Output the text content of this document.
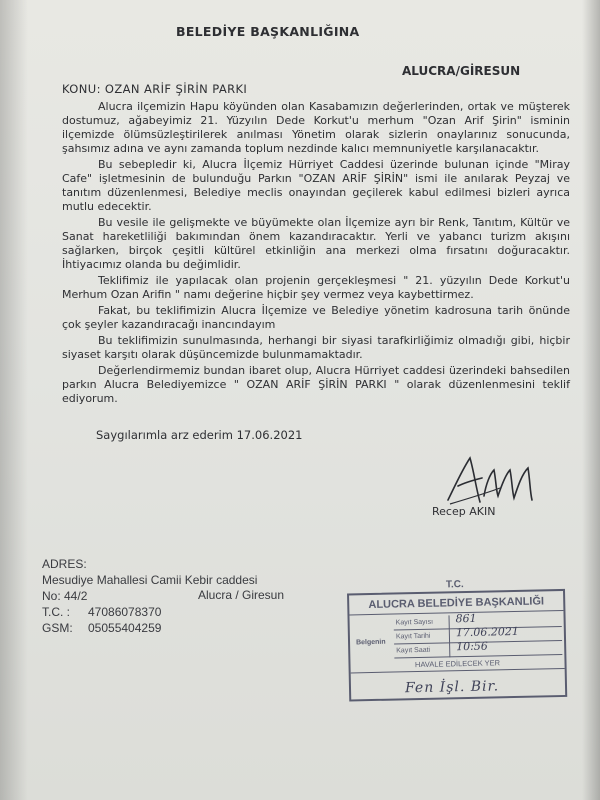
BELEDİYE BAŞKANLIĞINA
ALUCRA/GİRESUN
KONU: OZAN ARİF ŞİRİN PARKI

Alucra ilçemizin Hapu köyünden olan Kasabamızın değerlerinden, ortak ve müşterek dostumuz, ağabeyimiz 21. Yüzyılın Dede Korkut'u merhum "Ozan Arif Şirin" isminin ilçemizde ölümsüzleştirilerek anılması Yönetim olarak sizlerin onaylarınız sonucunda, şahsımız adına ve aynı zamanda toplum nezdinde kalıcı memnuniyetle karşılanacaktır.

Bu sebepledir ki, Alucra İlçemiz Hürriyet Caddesi üzerinde bulunan içinde "Miray Cafe" işletmesinin de bulunduğu Parkın "OZAN ARİF ŞİRİN" ismi ile anılarak Peyzaj ve tanıtım düzenlenmesi, Belediye meclis onayından geçilerek kabul edilmesi bizleri ayrıca mutlu edecektir.

Bu vesile ile gelişmekte ve büyümekte olan İlçemize ayrı bir Renk, Tanıtım, Kültür ve Sanat hareketliliği bakımından önem kazandıracaktır. Yerli ve yabancı turizm akışını sağlarken, birçok çeşitli kültürel etkinliğin ana merkezi olma fırsatını doğuracaktır. İhtiyacımız olanda bu değimlidir.

Teklifimiz ile yapılacak olan projenin gerçekleşmesi " 21. yüzyılın Dede Korkut'u Merhum Ozan Arifin " namı değerine hiçbir şey vermez veya kaybettirmez.

Fakat, bu teklifimizin Alucra İlçemize ve Belediye yönetim kadrosuna tarih önünde çok şeyler kazandıracağı inancındayım

Bu teklifimizin sunulmasında, herhangi bir siyasi tarafkirliğimiz olmadığı gibi, hiçbir siyaset karşıtı olarak düşüncemizde bulunmamaktadır.

Değerlendirmemiz bundan ibaret olup, Alucra Hürriyet caddesi üzerindeki bahsedilen parkın Alucra Belediyemizce " OZAN ARİF ŞİRİN PARKI " olarak düzenlenmesini teklif ediyorum.

Saygılarımla arz ederim 17.06.2021
Recep AKIN
ADRES:
Mesudiye Mahallesi Camii Kebir caddesi
No: 44/2
T.C. : 47086078370
GSM: 05055404259
Alucra / Giresun
T.C.
ALUCRA BELEDİYE BAŞKANLIĞI
Belgenin
Kayıt Sayısı 861
Kayıt Tarihi 17.06.2021
Kayıt Saati 10:56
HAVALE EDİLECEK YER
Fen İşl. Bir.
